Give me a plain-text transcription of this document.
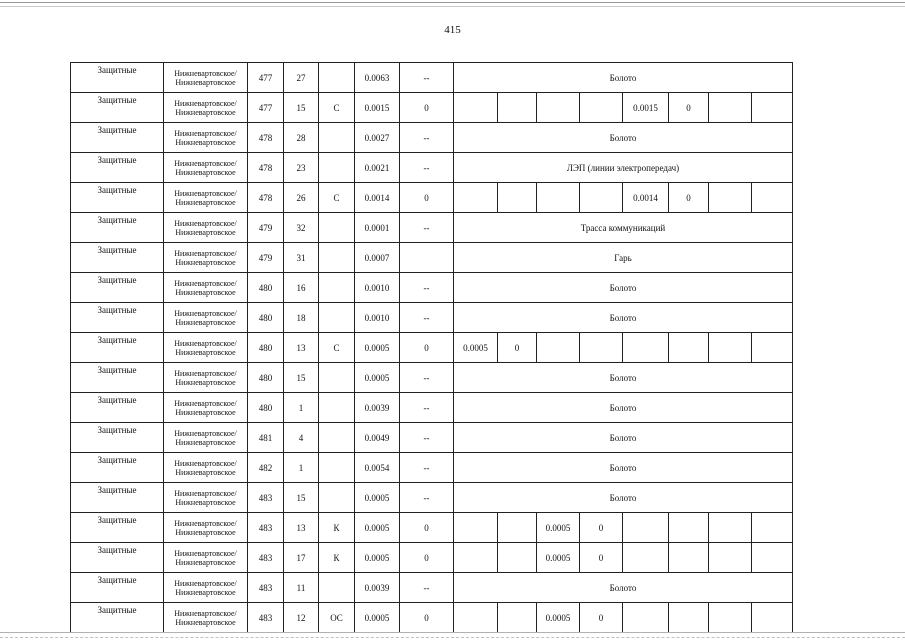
415
Защитные	Нижневартовское/
Нижневартовское	477	27		0.0063	--	Болото							
Защитные	Нижневартовское/
Нижневартовское	477	15	С	0.0015	0					0.0015	0		
Защитные	Нижневартовское/
Нижневартовское	478	28		0.0027	--	Болото							
Защитные	Нижневартовское/
Нижневартовское	478	23		0.0021	--	ЛЭП (линии электропередач)							
Защитные	Нижневартовское/
Нижневартовское	478	26	С	0.0014	0					0.0014	0		
Защитные	Нижневартовское/
Нижневартовское	479	32		0.0001	--	Трасса коммуникаций							
Защитные	Нижневартовское/
Нижневартовское	479	31		0.0007		Гарь							
Защитные	Нижневартовское/
Нижневартовское	480	16		0.0010	--	Болото							
Защитные	Нижневартовское/
Нижневартовское	480	18		0.0010	--	Болото							
Защитные	Нижневартовское/
Нижневартовское	480	13	С	0.0005	0	0.0005	0						
Защитные	Нижневартовское/
Нижневартовское	480	15		0.0005	--	Болото							
Защитные	Нижневартовское/
Нижневартовское	480	1		0.0039	--	Болото							
Защитные	Нижневартовское/
Нижневартовское	481	4		0.0049	--	Болото							
Защитные	Нижневартовское/
Нижневартовское	482	1		0.0054	--	Болото							
Защитные	Нижневартовское/
Нижневартовское	483	15		0.0005	--	Болото							
Защитные	Нижневартовское/
Нижневартовское	483	13	К	0.0005	0			0.0005	0				
Защитные	Нижневартовское/
Нижневартовское	483	17	К	0.0005	0			0.0005	0				
Защитные	Нижневартовское/
Нижневартовское	483	11		0.0039	--	Болото							
Защитные	Нижневартовское/
Нижневартовское	483	12	ОС	0.0005	0			0.0005	0				
